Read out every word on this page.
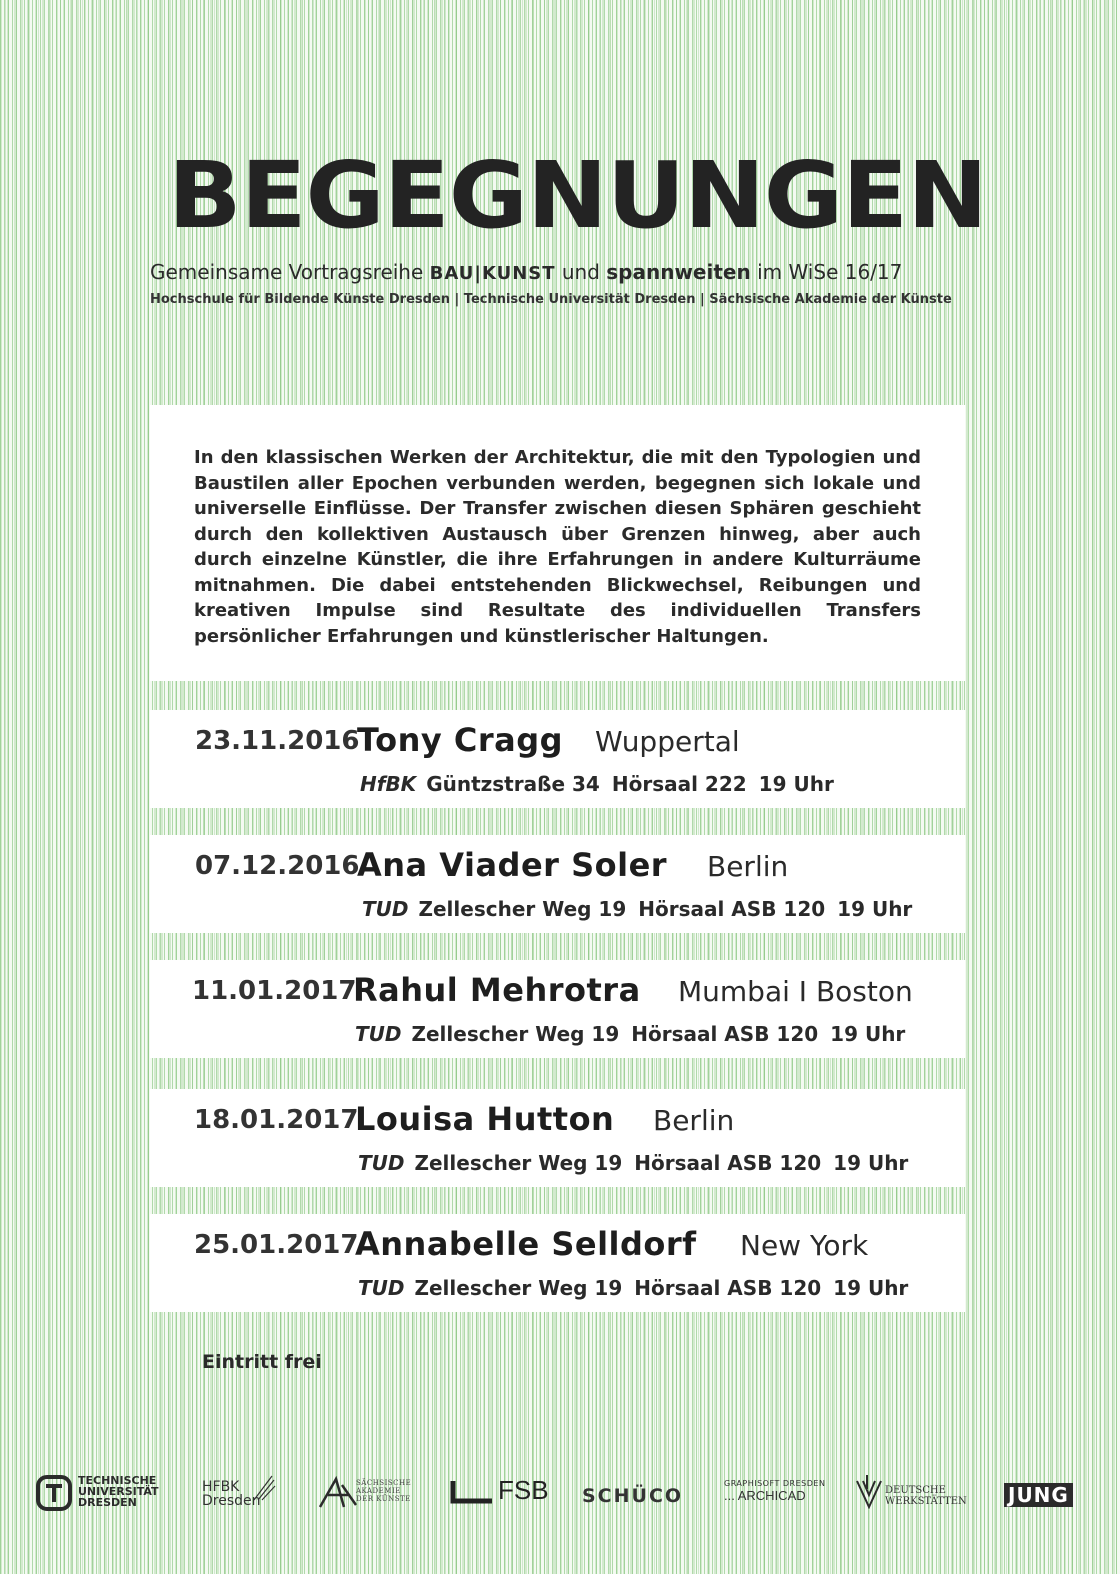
BEGEGNUNGEN
Gemeinsame Vortragsreihe BAU|KUNST und spannweiten im WiSe 16/17
Hochschule für Bildende Künste Dresden | Technische Universität Dresden | Sächsische Akademie der Künste
In den klassischen Werken der Architektur, die mit den Typologien und Baustilen aller Epochen verbunden werden, begegnen sich lokale und universelle Einflüsse. Der Transfer zwischen diesen Sphären geschieht durch den kollektiven Austausch über Grenzen hinweg, aber auch durch einzelne Künstler, die ihre Erfahrungen in andere Kulturräume mitnahmen. Die dabei entstehenden Blickwechsel, Reibungen und kreativen Impulse sind Resultate des individuellen Transfers persönlicher Erfahrungen und künstlerischer Haltungen.
23.11.2016
Tony Cragg Wuppertal
HfBK Güntzstraße 34 Hörsaal 222 19 Uhr
07.12.2016
Ana Viader Soler Berlin
TUD Zellescher Weg 19 Hörsaal ASB 120 19 Uhr
11.01.2017
Rahul Mehrotra Mumbai I Boston
TUD Zellescher Weg 19 Hörsaal ASB 120 19 Uhr
18.01.2017
Louisa Hutton Berlin
TUD Zellescher Weg 19 Hörsaal ASB 120 19 Uhr
25.01.2017
Annabelle Selldorf New York
TUD Zellescher Weg 19 Hörsaal ASB 120 19 Uhr
Eintritt frei
TECHNISCHE
UNIVERSITÄT
DRESDEN
HFBK
Dresden
SÄCHSISCHE
AKADEMIE
DER KÜNSTE	FSB SCHÜCO
GRAPHISOFT DRESDEN
... ARCHICAD	DEUTSCHE
WERKSTÄTTEN JUNG
